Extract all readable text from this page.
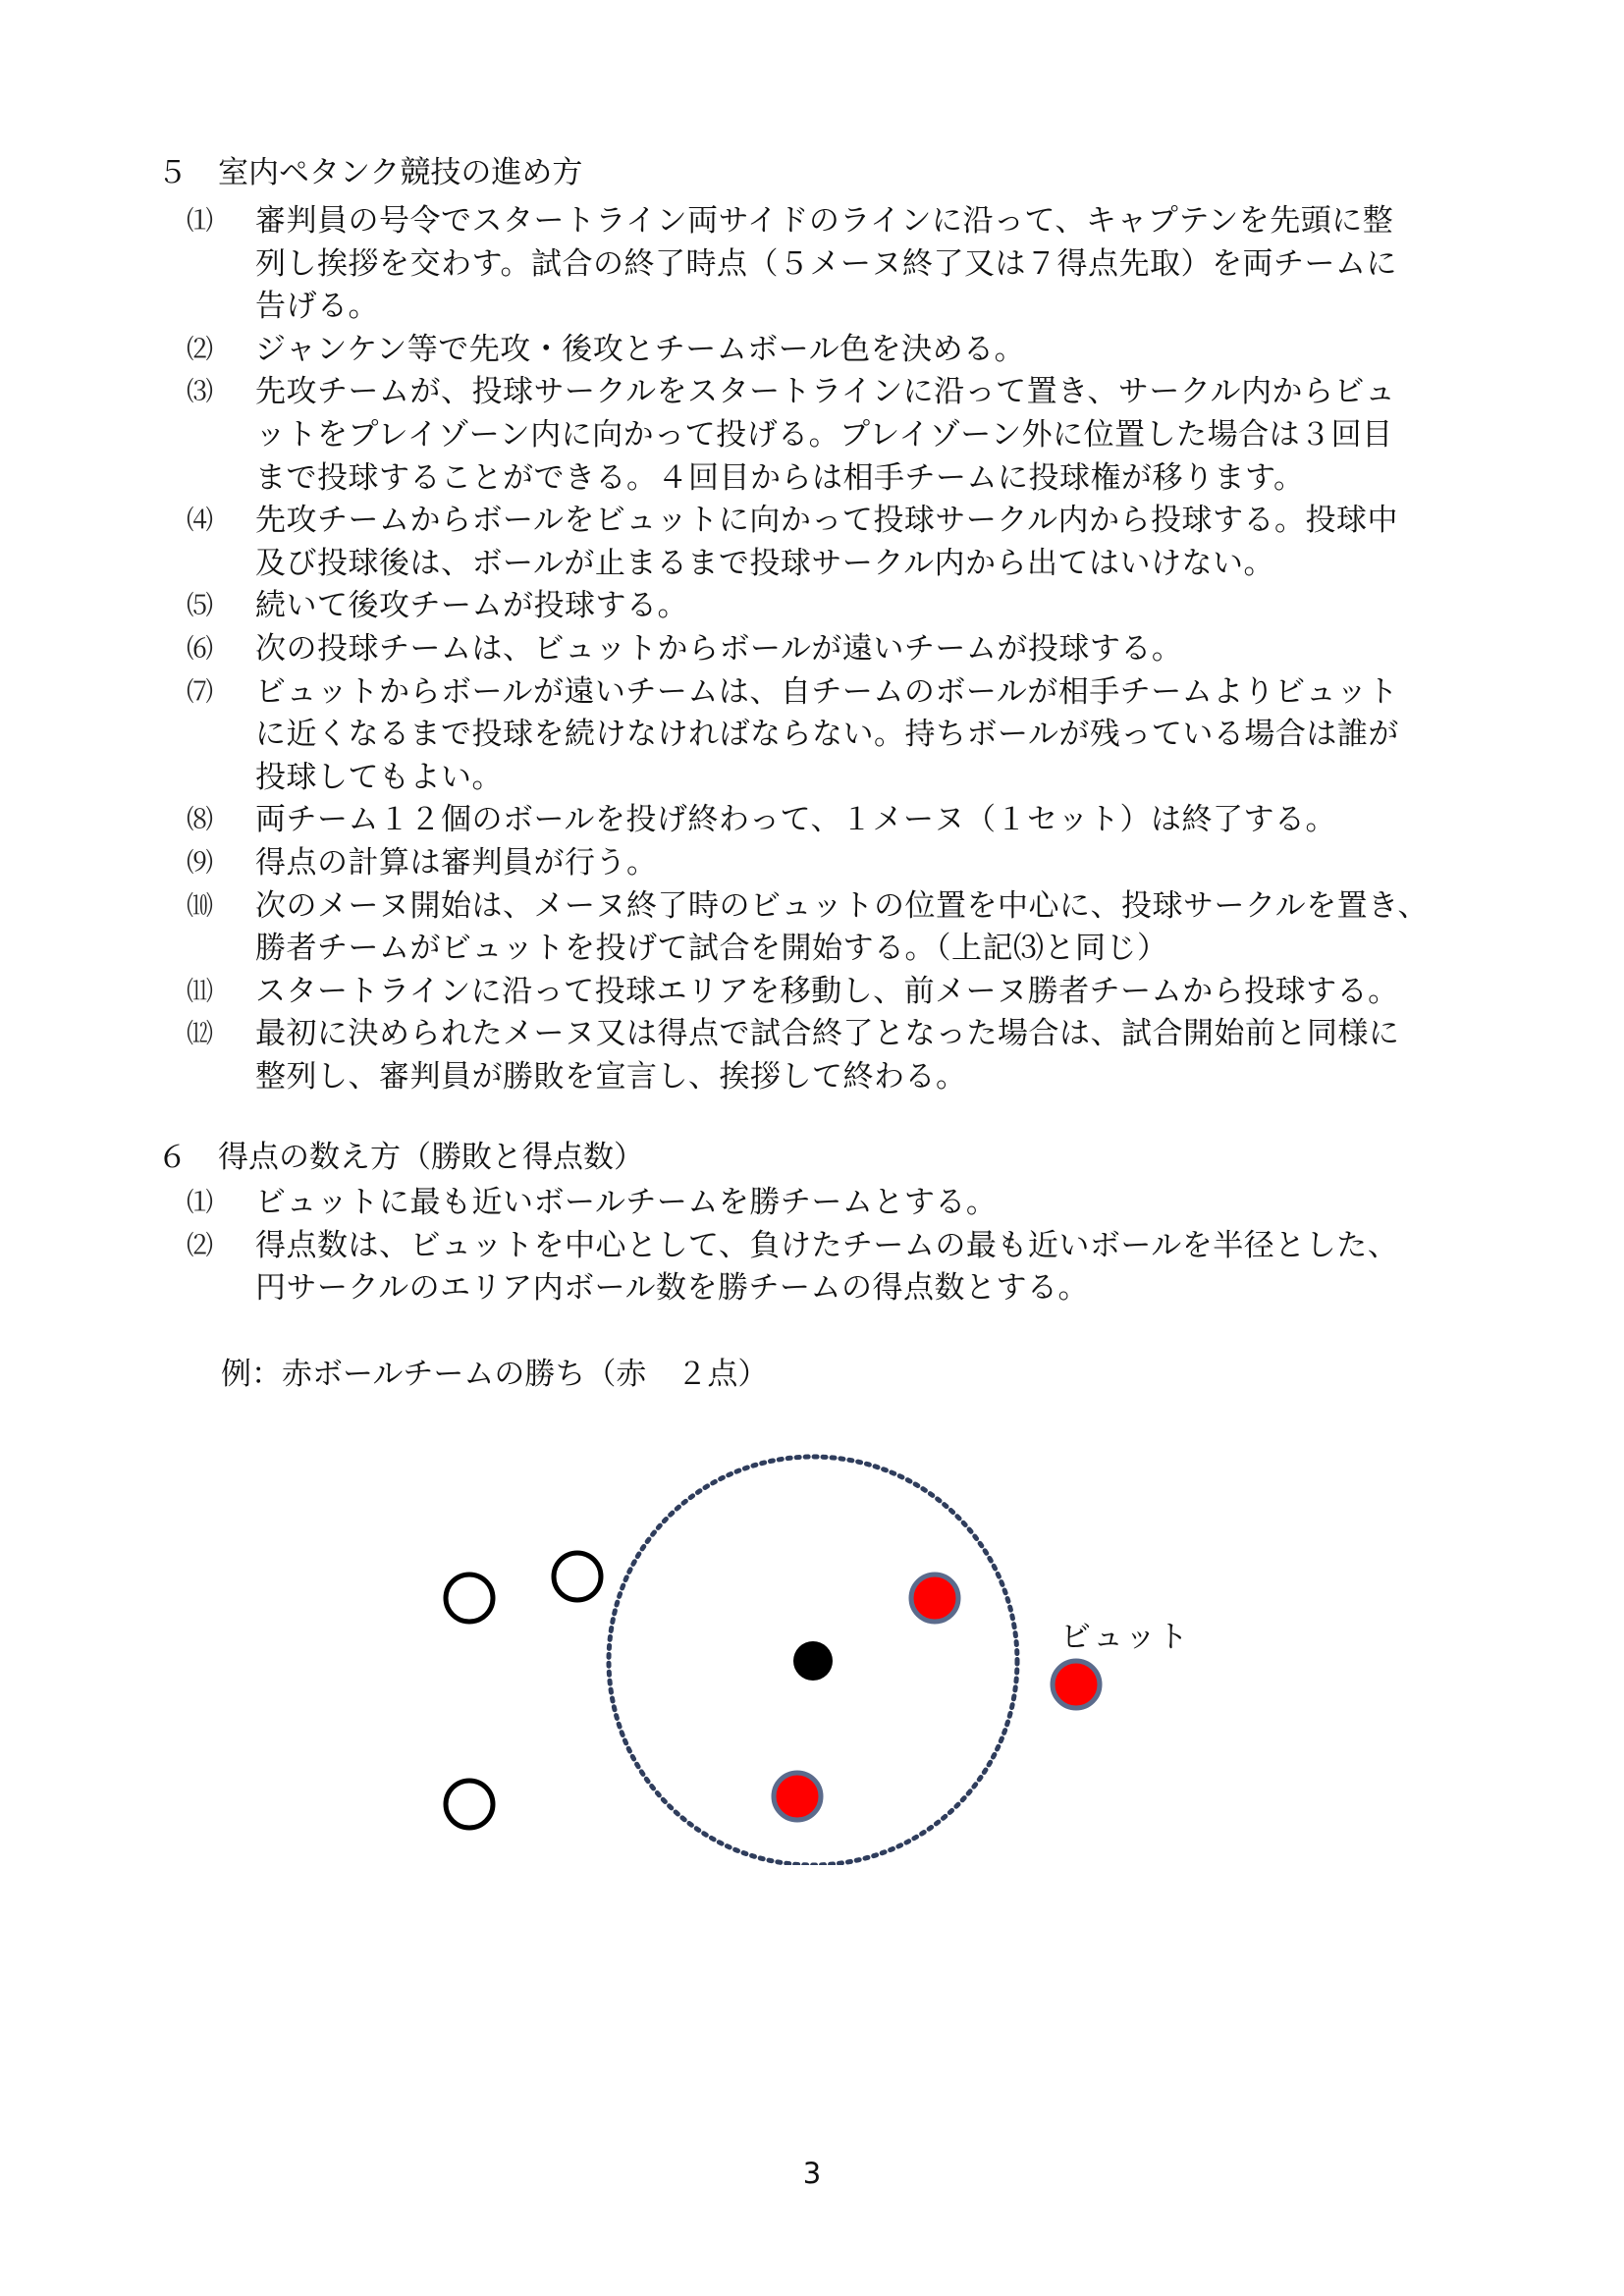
５　室内ペタンク競技の進め方
⑴ 審判員の号令でスタートライン両サイドのラインに沿って、キャプテンを先頭に整
列し挨拶を交わす。試合の終了時点（５メーヌ終了又は７得点先取）を両チームに
告げる。
⑵ ジャンケン等で先攻・後攻とチームボール色を決める。
⑶ 先攻チームが、投球サークルをスタートラインに沿って置き、サークル内からビュ
ットをプレイゾーン内に向かって投げる。プレイゾーン外に位置した場合は３回目
まで投球することができる。４回目からは相手チームに投球権が移ります。
⑷ 先攻チームからボールをビュットに向かって投球サークル内から投球する。投球中
及び投球後は、ボールが止まるまで投球サークル内から出てはいけない。
⑸ 続いて後攻チームが投球する。
⑹ 次の投球チームは、ビュットからボールが遠いチームが投球する。
⑺ ビュットからボールが遠いチームは、自チームのボールが相手チームよりビュット
に近くなるまで投球を続けなければならない。持ちボールが残っている場合は誰が
投球してもよい。
⑻ 両チーム１２個のボールを投げ終わって、１メーヌ（１セット）は終了する。
⑼ 得点の計算は審判員が行う。
⑽ 次のメーヌ開始は、メーヌ終了時のビュットの位置を中心に、投球サークルを置き、
勝者チームがビュットを投げて試合を開始する。（上記⑶と同じ）
⑾ スタートラインに沿って投球エリアを移動し、前メーヌ勝者チームから投球する。
⑿ 最初に決められたメーヌ又は得点で試合終了となった場合は、試合開始前と同様に
整列し、審判員が勝敗を宣言し、挨拶して終わる。
６　得点の数え方（勝敗と得点数）
⑴ ビュットに最も近いボールチームを勝チームとする。
⑵ 得点数は、ビュットを中心として、負けたチームの最も近いボールを半径とした、
円サークルのエリア内ボール数を勝チームの得点数とする。
例：赤ボールチームの勝ち（赤　２点）
ビュット
3
